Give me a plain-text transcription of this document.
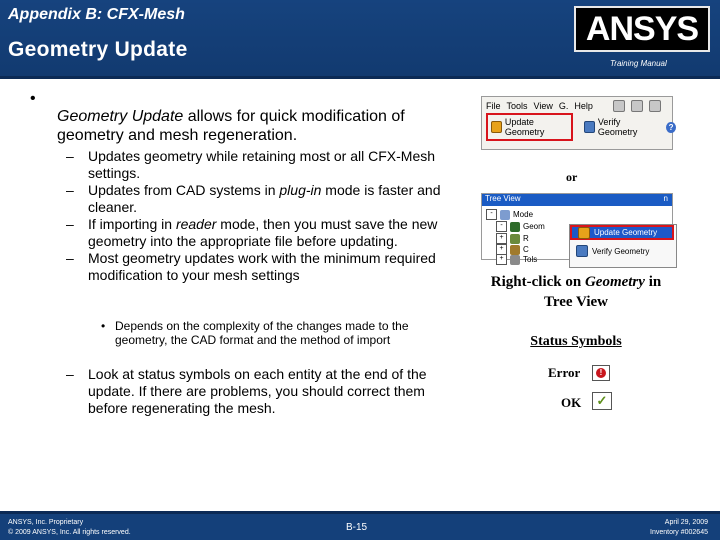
Appendix B: CFX-Mesh
Geometry Update
ANSYS
Training Manual
•
Geometry Update allows for quick modification of geometry and mesh regeneration.
– Updates geometry while retaining most or all CFX-Mesh settings.
– Updates from CAD systems in plug-in mode is faster and cleaner.
– If importing in reader mode, then you must save the new geometry into the appropriate file before updating.
– Most geometry updates work with the minimum required modification to your mesh settings
• Depends on the complexity of the changes made to the geometry, the CAD format and the method of import
– Look at status symbols on each entity at the end of the update. If there are problems, you should correct them before regenerating the mesh.
File Tools View G. Help
Update Geometry
Verify Geometry	?
or
Tree View	n
-	Mode
-	Geom
+	R
+	C
+	Tols
Update Geometry
Verify Geometry
Right-click on Geometry in Tree View
Status Symbols
Error	!
OK ✓
ANSYS, Inc. Proprietary
© 2009 ANSYS, Inc. All rights reserved.	B-15	April 29, 2009
Inventory #002645
